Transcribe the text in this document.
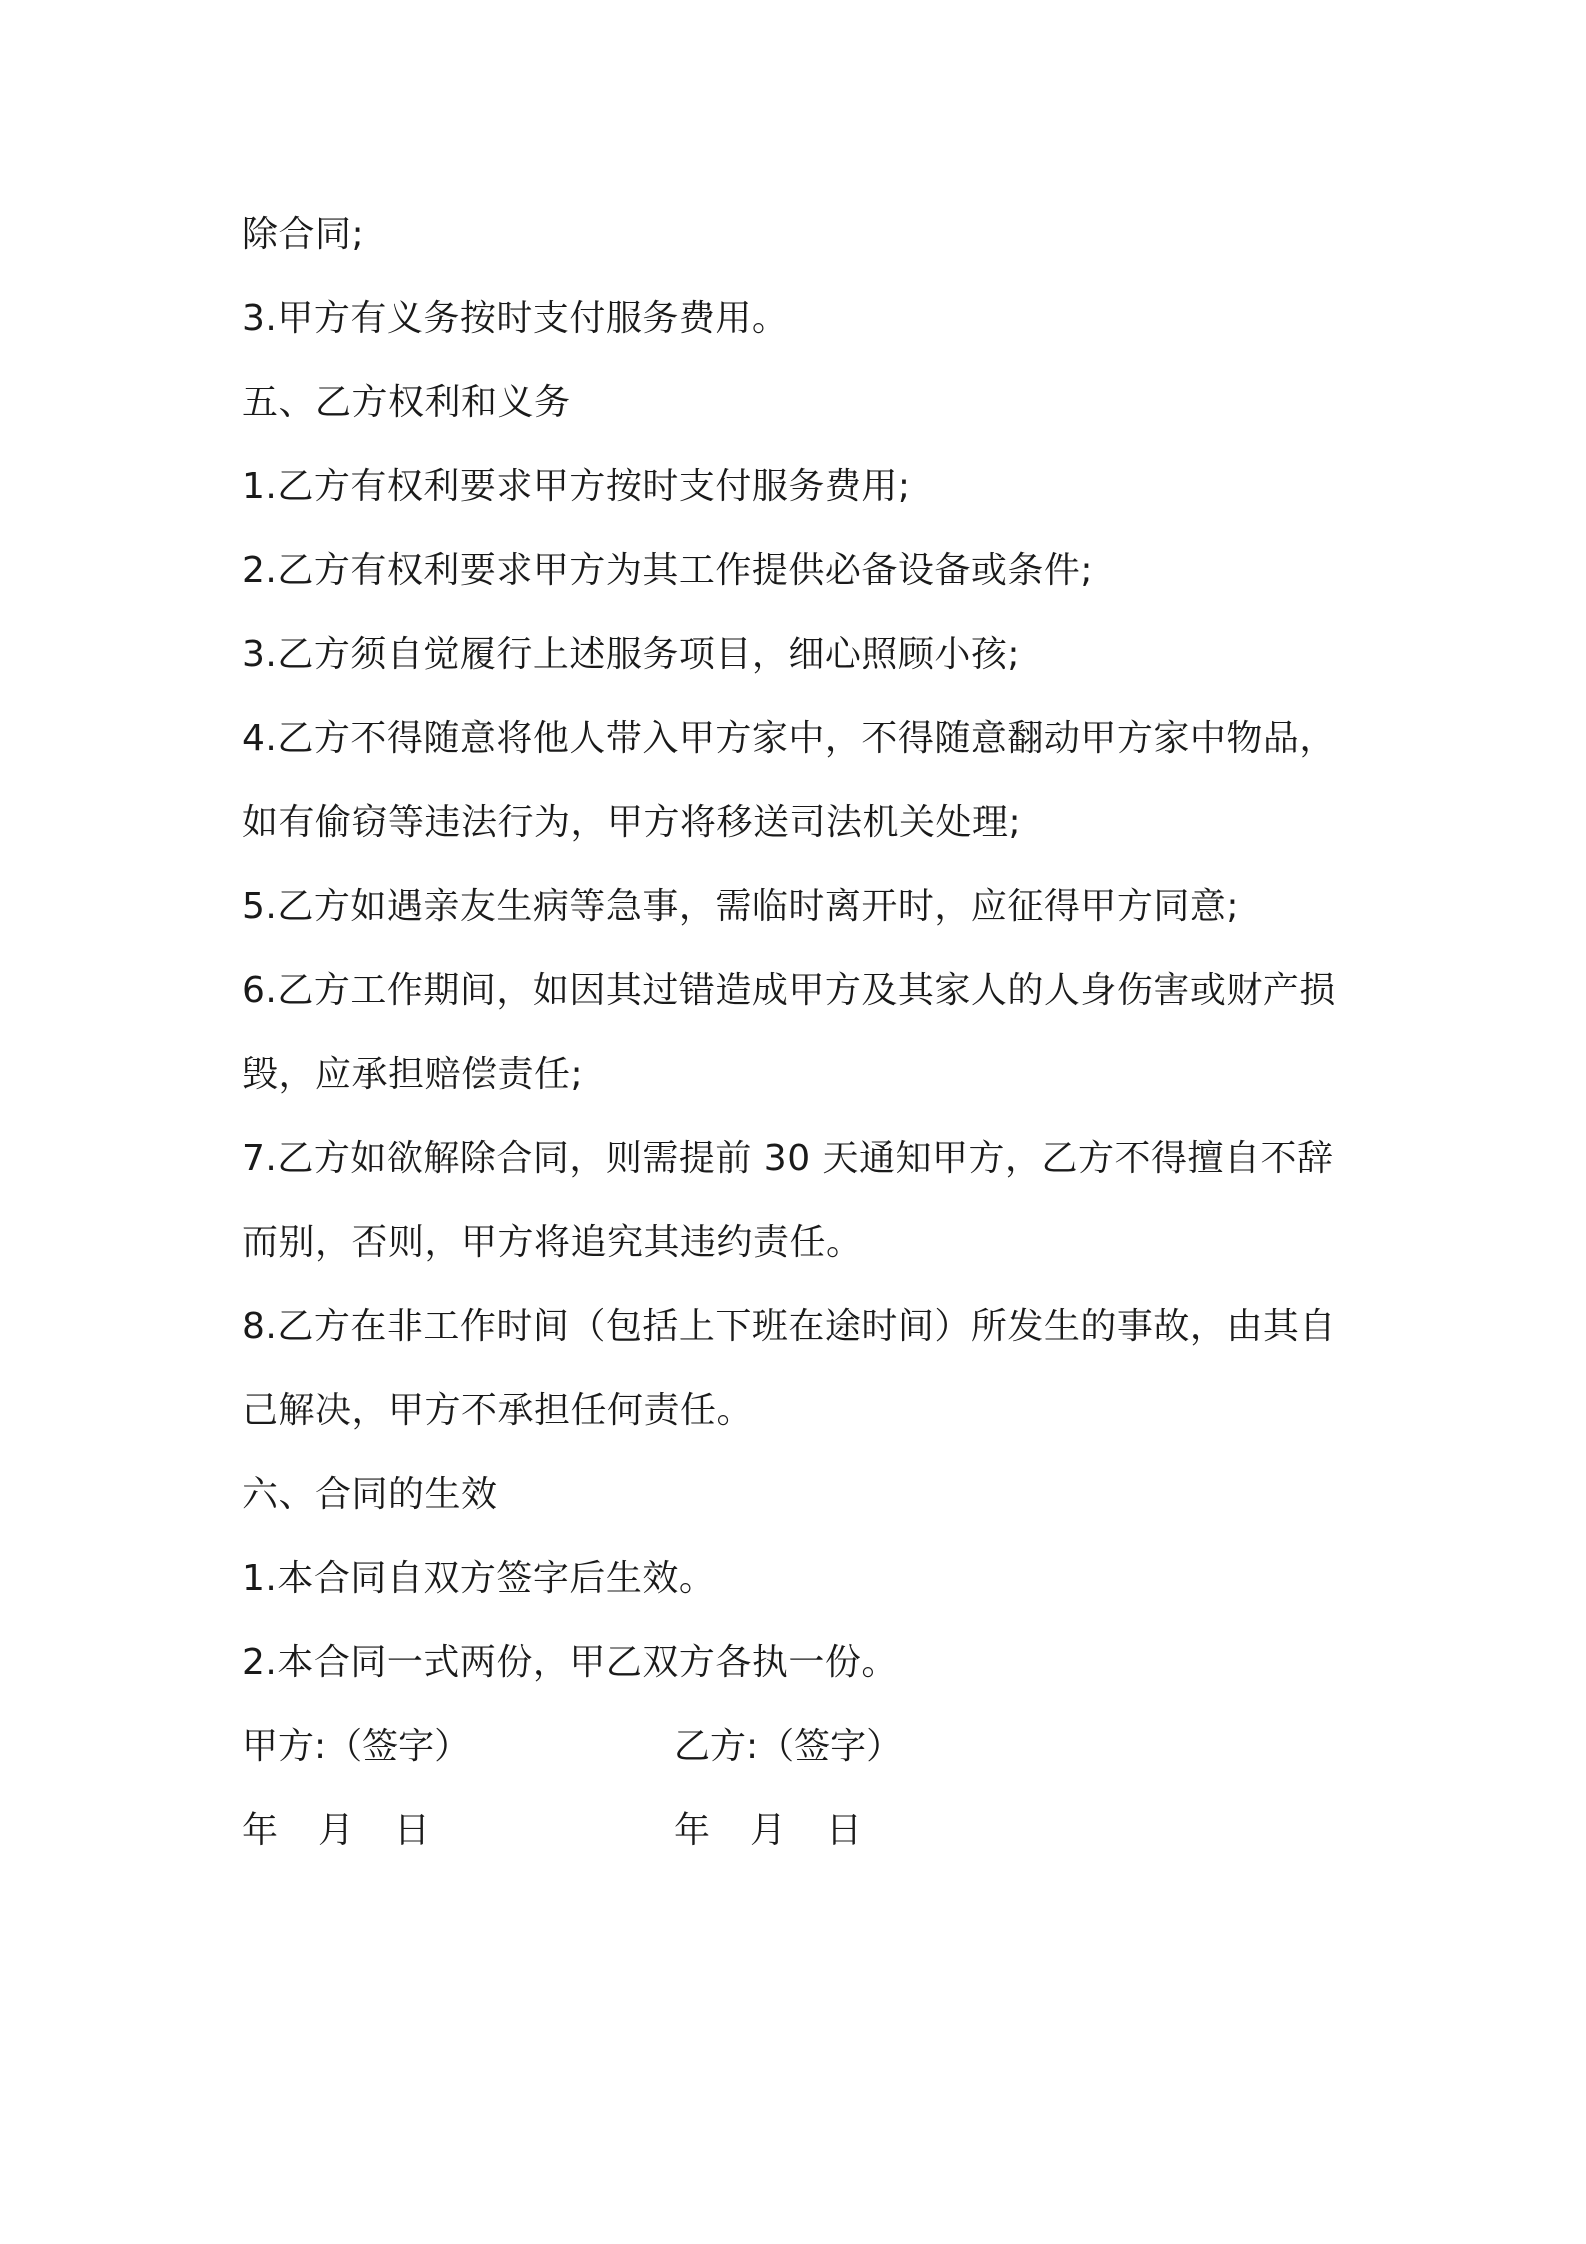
除合同;
3.甲方有义务按时支付服务费用。
五、乙方权利和义务
1.乙方有权利要求甲方按时支付服务费用;
2.乙方有权利要求甲方为其工作提供必备设备或条件;
3.乙方须自觉履行上述服务项目，细心照顾小孩;
4.乙方不得随意将他人带入甲方家中，不得随意翻动甲方家中物品，
如有偷窃等违法行为，甲方将移送司法机关处理;
5.乙方如遇亲友生病等急事，需临时离开时，应征得甲方同意;
6.乙方工作期间，如因其过错造成甲方及其家人的人身伤害或财产损
毁，应承担赔偿责任;
7.乙方如欲解除合同，则需提前 30 天通知甲方，乙方不得擅自不辞
而别，否则，甲方将追究其违约责任。
8.乙方在非工作时间（包括上下班在途时间）所发生的事故，由其自
己解决，甲方不承担任何责任。
六、合同的生效
1.本合同自双方签字后生效。
2.本合同一式两份，甲乙双方各执一份。
甲方:（签字）	乙方:（签字）
年 月 日	年 月 日
